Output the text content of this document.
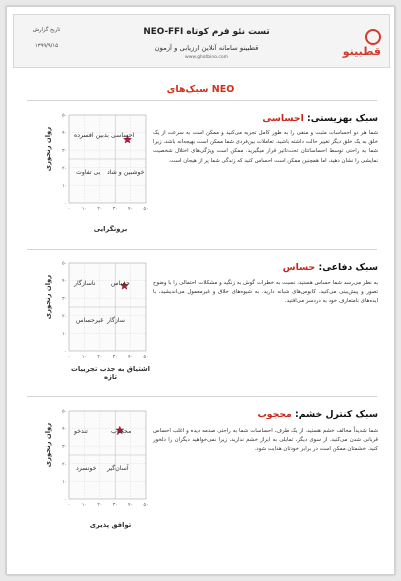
قطبینو
تست نئو فرم کوتاه NEO-FFI
قطبینو سامانه آنلاین ارزیابی و آزمون
www.ghotbino.com
تاریخ گزارش
۱۳۹۹/۹/۱۵
سبک‌های NEO
سبک بهزیستی: احساسی
شما هر دو احساسات مثبت و منفی را به طور کامل تجربه می‌کنید و ممکن است به سرعت از یک خلق به یک خلق دیگر تغییر حالت داشته باشید. تعاملات بین‌فردی شما ممکن است بهیجه‌انه باشد، زیرا شما به راحتی توسط احساساتتان تحت‌تاثیر قرار میگیرید. ممکن است ویژگی‌های اختلال شخصیت نمایشی را نشان دهید، اما همچنین ممکن است احساس کنید که زندگی شما پر از هیجان است.
۰
۰
۱۰
۱۰
۲۰
۲۰
۳۰
۳۰
۴۰
۴۰
۵۰
۵۰
بدبین افسرده احساسی
بی تفاوت خوشبین و شاد
روان رنجوری
برونگرایی
سبک دفاعی: حساس
به نظر می‌رسد شما حساس هستید، نسبت به خطرات گوش به زنگید و مشکلات احتمالی را با وضوح تصور و پیش‌بینی می‌کنید. کابوس‌های شبانه دارید. به شیوه‌های خلاق و غیرمعمول می‌اندیشید، با ایده‌های نامتعارف خود به دردسر می‌افتید.
۰
۰
۱۰
۱۰
۲۰
۲۰
۳۰
۳۰
۴۰
۴۰
۵۰
۵۰
ناسازگار	حساس
غیرحساس سازگار
روان رنجوری
اشتیاق به جذب تجربیات تازه
سبک کنترل خشم: محجوب
شما شدیداً مخالف خشم هستید. از یک طرف، احساسات شما به راحتی صدمه دیده و اغلب احساس قربانی شدن می‌کنید. از سوی دیگر، تمایلی به ابراز خشم ندارید، زیرا نمی‌خواهید دیگران را دلخور کنید. خشمتان ممکن است در برابر خودتان هدایت شود.
۰
۰
۱۰
۱۰
۲۰
۲۰
۳۰
۳۰
۴۰
۴۰
۵۰
۵۰
تندخو	محجوب
خونسرد آسان‌گیر
روان رنجوری
توافق پذیری
